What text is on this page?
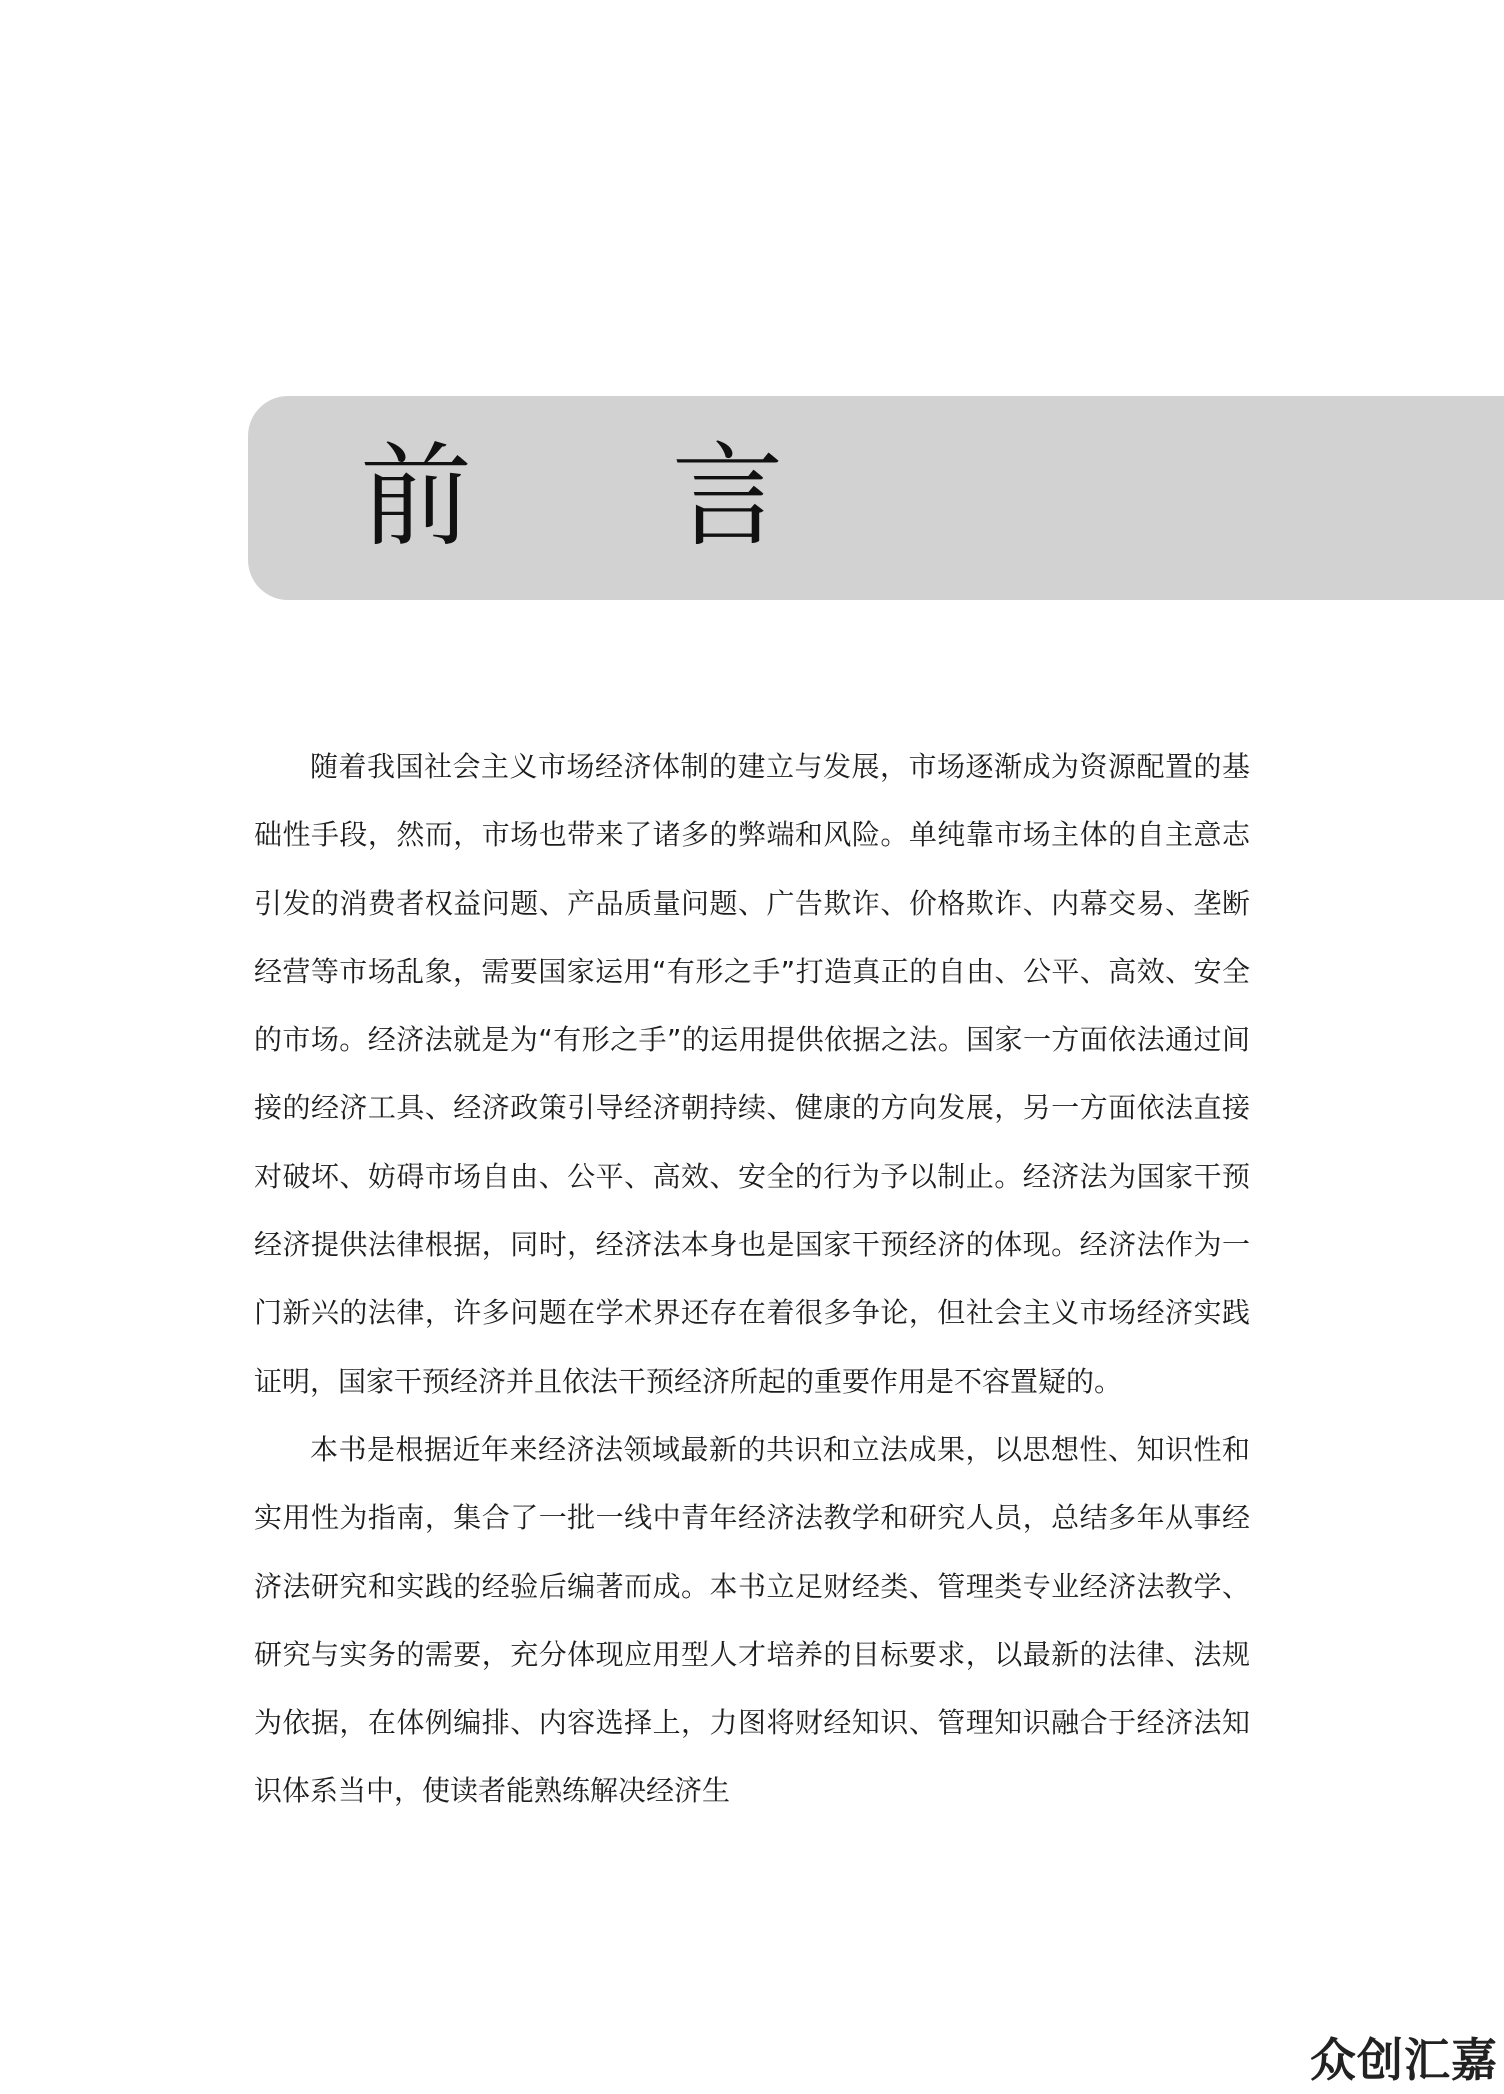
前 言

随着我国社会主义市场经济体制的建立与发展，市场逐渐成为资源配置的基础性手段，然而，市场也带来了诸多的弊端和风险。单纯靠市场主体的自主意志引发的消费者权益问题、产品质量问题、广告欺诈、价格欺诈、内幕交易、垄断经营等市场乱象，需要国家运用“有形之手”打造真正的自由、公平、高效、安全的市场。经济法就是为“有形之手”的运用提供依据之法。国家一方面依法通过间接的经济工具、经济政策引导经济朝持续、健康的方向发展，另一方面依法直接对破坏、妨碍市场自由、公平、高效、安全的行为予以制止。经济法为国家干预经济提供法律根据，同时，经济法本身也是国家干预经济的体现。经济法作为一门新兴的法律，许多问题在学术界还存在着很多争论，但社会主义市场经济实践证明，国家干预经济并且依法干预经济所起的重要作用是不容置疑的。

本书是根据近年来经济法领域最新的共识和立法成果，以思想性、知识性和实用性为指南，集合了一批一线中青年经济法教学和研究人员，总结多年从事经济法研究和实践的经验后编著而成。本书立足财经类、管理类专业经济法教学、研究与实务的需要，充分体现应用型人才培养的目标要求，以最新的法律、法规为依据，在体例编排、内容选择上，力图将财经知识、管理知识融合于经济法知识体系当中，使读者能熟练解决经济生

众创汇嘉
